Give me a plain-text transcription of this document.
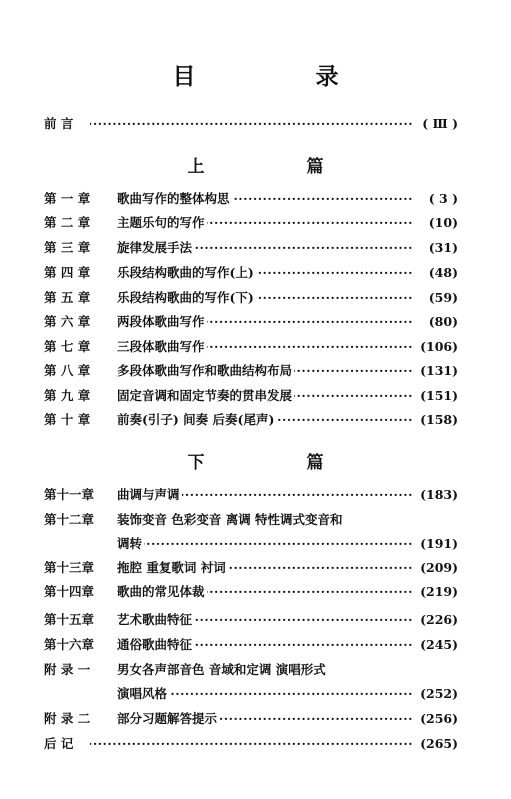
目 录
前 言 ·····	( Ⅲ )
上 篇
第 一 章	歌曲写作的整体构思 ·····	( 3 )
第 二 章	主题乐句的写作 ·····	(10)
第 三 章	旋律发展手法 ·····	(31)
第 四 章	乐段结构歌曲的写作(上) ·····	(48)
第 五 章	乐段结构歌曲的写作(下) ·····	(59)
第 六 章	两段体歌曲写作 ·····	(80)
第 七 章	三段体歌曲写作 ·····	(106)
第 八 章	多段体歌曲写作和歌曲结构布局 ·····	(131)
第 九 章	固定音调和固定节奏的贯串发展 ·····	(151)
第 十 章	前奏(引子) 间奏 后奏(尾声) ·····	(158)
下 篇
第十一章	曲调与声调 ·····	(183)
第十二章	装饰变音 色彩变音 离调 特性调式变音和
调转 ·····	(191)
第十三章	拖腔 重复歌词 衬词 ·····	(209)
第十四章	歌曲的常见体裁 ·····	(219)
第十五章	艺术歌曲特征 ·····	(226)
第十六章	通俗歌曲特征 ·····	(245)
附 录 一	男女各声部音色 音域和定调 演唱形式
演唱风格 ·····	(252)
附 录 二	部分习题解答提示 ·····	(256)
后 记 ·····	(265)
